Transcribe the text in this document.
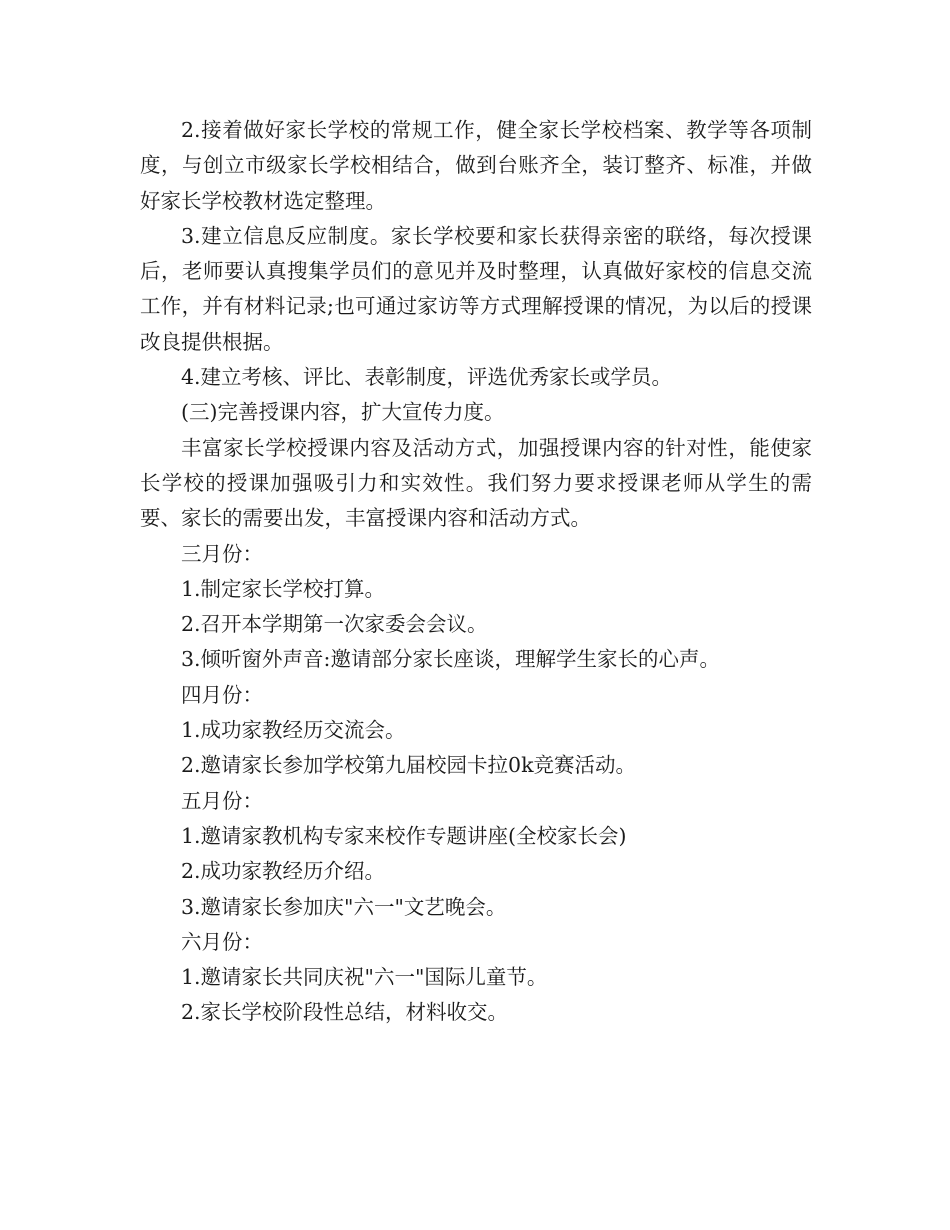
2.接着做好家长学校的常规工作，健全家长学校档案、教学等各项制度，与创立市级家长学校相结合，做到台账齐全，装订整齐、标准，并做好家长学校教材选定整理。

3.建立信息反应制度。家长学校要和家长获得亲密的联络，每次授课后，老师要认真搜集学员们的意见并及时整理，认真做好家校的信息交流工作，并有材料记录;也可通过家访等方式理解授课的情况，为以后的授课改良提供根据。

4.建立考核、评比、表彰制度，评选优秀家长或学员。

(三)完善授课内容，扩大宣传力度。

丰富家长学校授课内容及活动方式，加强授课内容的针对性，能使家长学校的授课加强吸引力和实效性。我们努力要求授课老师从学生的需要、家长的需要出发，丰富授课内容和活动方式。

三月份：

1.制定家长学校打算。

2.召开本学期第一次家委会会议。

3.倾听窗外声音:邀请部分家长座谈，理解学生家长的心声。

四月份：

1.成功家教经历交流会。

2.邀请家长参加学校第九届校园卡拉0k竞赛活动。

五月份：

1.邀请家教机构专家来校作专题讲座(全校家长会)

2.成功家教经历介绍。

3.邀请家长参加庆"六一"文艺晚会。

六月份：

1.邀请家长共同庆祝"六一"国际儿童节。

2.家长学校阶段性总结，材料收交。
